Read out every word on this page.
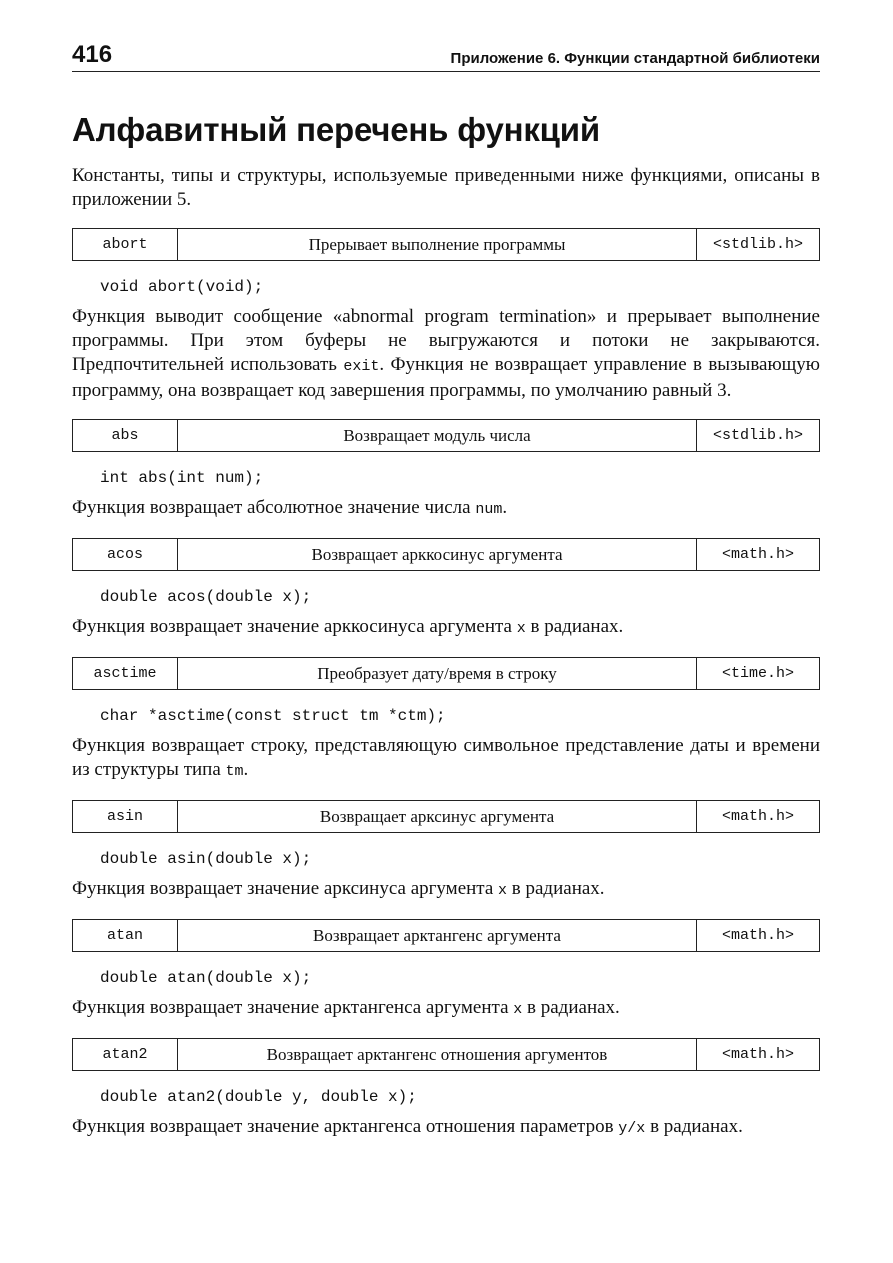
416	Приложение 6. Функции стандартной библиотеки
Алфавитный перечень функций

Константы, типы и структуры, используемые приведенными ниже функциями, описаны в приложении 5.

abort	Прерывает выполнение программы	<stdlib.h>
void abort(void);

Функция выводит сообщение «abnormal program termination» и прерывает выполнение программы. При этом буферы не выгружаются и потоки не закрываются. Предпочтительней использовать exit. Функция не возвращает управление в вызывающую программу, она возвращает код завершения программы, по умолчанию равный 3.

abs	Возвращает модуль числа	<stdlib.h>
int abs(int num);

Функция возвращает абсолютное значение числа num.

acos	Возвращает арккосинус аргумента	<math.h>
double acos(double x);

Функция возвращает значение арккосинуса аргумента x в радианах.

asctime	Преобразует дату/время в строку	<time.h>
char *asctime(const struct tm *ctm);

Функция возвращает строку, представляющую символьное представление даты и времени из структуры типа tm.

asin	Возвращает арксинус аргумента	<math.h>
double asin(double x);

Функция возвращает значение арксинуса аргумента x в радианах.

atan	Возвращает арктангенс аргумента	<math.h>
double atan(double x);

Функция возвращает значение арктангенса аргумента x в радианах.

atan2	Возвращает арктангенс отношения аргументов	<math.h>
double atan2(double y, double x);

Функция возвращает значение арктангенса отношения параметров y/x в радианах.
